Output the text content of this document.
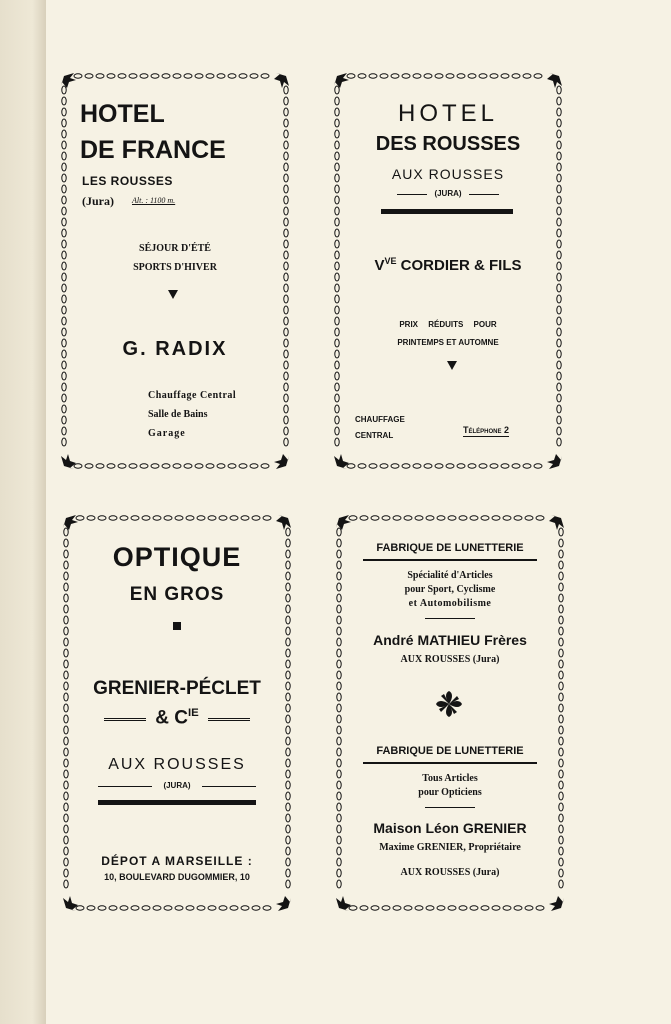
HOTEL
DE FRANCE
LES ROUSSES
(Jura) Alt. : 1100 m.
SÉJOUR D'ÉTÉ
SPORTS D'HIVER
G. RADIX
Chauffage Central
Salle de Bains
Garage
HOTEL
DES ROUSSES
AUX ROUSSES
(JURA)
$V^{VE}$ CORDIER & FILS
PRIX RÉDUITS POUR
PRINTEMPS ET AUTOMNE
CHAUFFAGE
CENTRAL
Téléphone 2
OPTIQUE
EN GROS
GRENIER-PÉCLET
& $C^{IE}$
AUX ROUSSES
(JURA)
DÉPOT A MARSEILLE :
10, BOULEVARD DUGOMMIER, 10
FABRIQUE DE LUNETTERIE
Spécialité d'Articles
pour Sport, Cyclisme
et Automobilisme
André MATHIEU Frères
AUX ROUSSES (Jura)
FABRIQUE DE LUNETTERIE
Tous Articles
pour Opticiens
Maison Léon GRENIER
Maxime GRENIER, Propriétaire
AUX ROUSSES (Jura)
